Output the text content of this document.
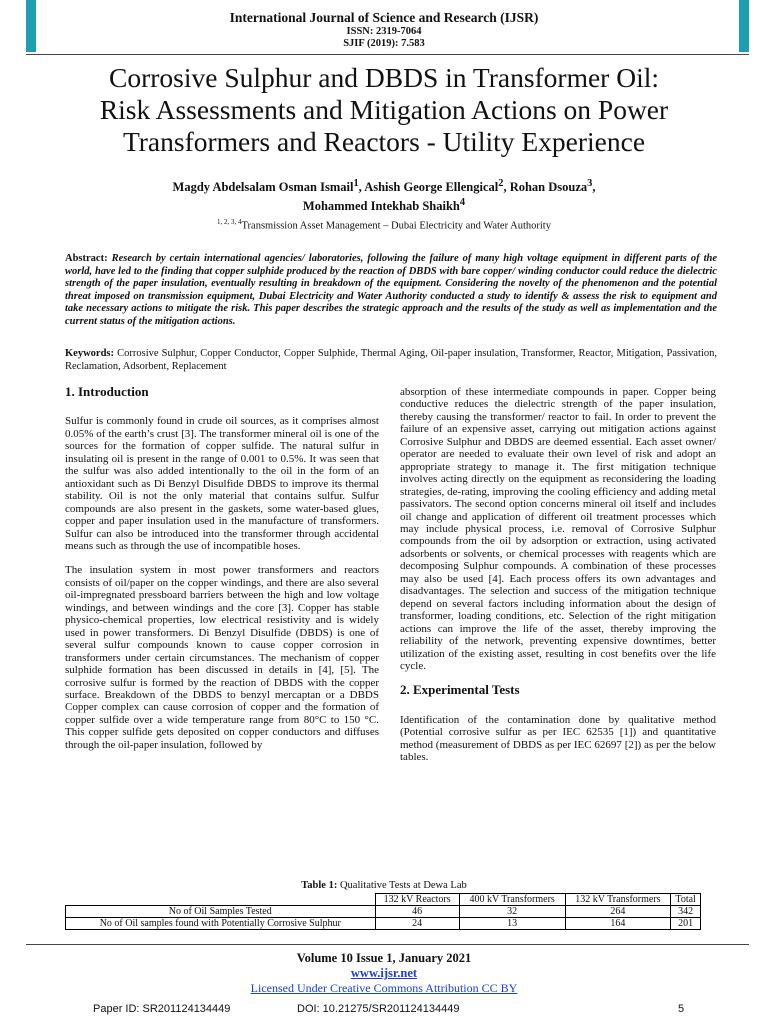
International Journal of Science and Research (IJSR)
ISSN: 2319-7064
SJIF (2019): 7.583
Corrosive Sulphur and DBDS in Transformer Oil:
Risk Assessments and Mitigation Actions on Power
Transformers and Reactors - Utility Experience
Magdy Abdelsalam Osman Ismail$^1$, Ashish George Ellengical$^2$, Rohan Dsouza$^3$,
Mohammed Intekhab Shaikh$^4$
$^{1, 2, 3, 4}$Transmission Asset Management – Dubai Electricity and Water Authority
Abstract: Research by certain international agencies/ laboratories, following the failure of many high voltage equipment in different parts of the world, have led to the finding that copper sulphide produced by the reaction of DBDS with bare copper/ winding conductor could reduce the dielectric strength of the paper insulation, eventually resulting in breakdown of the equipment. Considering the novelty of the phenomenon and the potential threat imposed on transmission equipment, Dubai Electricity and Water Authority conducted a study to identify & assess the risk to equipment and take necessary actions to mitigate the risk. This paper describes the strategic approach and the results of the study as well as implementation and the current status of the mitigation actions.
Keywords: Corrosive Sulphur, Copper Conductor, Copper Sulphide, Thermal Aging, Oil-paper insulation, Transformer, Reactor, Mitigation, Passivation, Reclamation, Adsorbent, Replacement
1. Introduction

Sulfur is commonly found in crude oil sources, as it comprises almost 0.05% of the earth’s crust [3]. The transformer mineral oil is one of the sources for the formation of copper sulfide. The natural sulfur in insulating oil is present in the range of 0.001 to 0.5%. It was seen that the sulfur was also added intentionally to the oil in the form of an antioxidant such as Di Benzyl Disulfide DBDS to improve its thermal stability. Oil is not the only material that contains sulfur. Sulfur compounds are also present in the gaskets, some water-based glues, copper and paper insulation used in the manufacture of transformers. Sulfur can also be introduced into the transformer through accidental means such as through the use of incompatible hoses.

The insulation system in most power transformers and reactors consists of oil/paper on the copper windings, and there are also several oil-impregnated pressboard barriers between the high and low voltage windings, and between windings and the core [3]. Copper has stable physico-chemical properties, low electrical resistivity and is widely used in power transformers. Di Benzyl Disulfide (DBDS) is one of several sulfur compounds known to cause copper corrosion in transformers under certain circumstances. The mechanism of copper sulphide formation has been discussed in details in [4], [5]. The corrosive sulfur is formed by the reaction of DBDS with the copper surface. Breakdown of the DBDS to benzyl mercaptan or a DBDS Copper complex can cause corrosion of copper and the formation of copper sulfide over a wide temperature range from 80°C to 150 °C. This copper sulfide gets deposited on copper conductors and diffuses through the oil-paper insulation, followed by

absorption of these intermediate compounds in paper. Copper being conductive reduces the dielectric strength of the paper insulation, thereby causing the transformer/ reactor to fail. In order to prevent the failure of an expensive asset, carrying out mitigation actions against Corrosive Sulphur and DBDS are deemed essential. Each asset owner/ operator are needed to evaluate their own level of risk and adopt an appropriate strategy to manage it. The first mitigation technique involves acting directly on the equipment as reconsidering the loading strategies, de-rating, improving the cooling efficiency and adding metal passivators. The second option concerns mineral oil itself and includes oil change and application of different oil treatment processes which may include physical process, i.e. removal of Corrosive Sulphur compounds from the oil by adsorption or extraction, using activated adsorbents or solvents, or chemical processes with reagents which are decomposing Sulphur compounds. A combination of these processes may also be used [4]. Each process offers its own advantages and disadvantages. The selection and success of the mitigation technique depend on several factors including information about the design of transformer, loading conditions, etc. Selection of the right mitigation actions can improve the life of the asset, thereby improving the reliability of the network, preventing expensive downtimes, better utilization of the existing asset, resulting in cost benefits over the life cycle.

2. Experimental Tests

Identification of the contamination done by qualitative method (Potential corrosive sulfur as per IEC 62535 [1]) and quantitative method (measurement of DBDS as per IEC 62697 [2]) as per the below tables.

Table 1: Qualitative Tests at Dewa Lab
	132 kV Reactors	400 kV Transformers	132 kV Transformers	Total
No of Oil Samples Tested	46	32	264	342
No of Oil samples found with Potentially Corrosive Sulphur	24	13	164	201
Volume 10 Issue 1, January 2021
www.ijsr.net
Licensed Under Creative Commons Attribution CC BY
Paper ID: SR201124134449	DOI: 10.21275/SR201124134449	5
